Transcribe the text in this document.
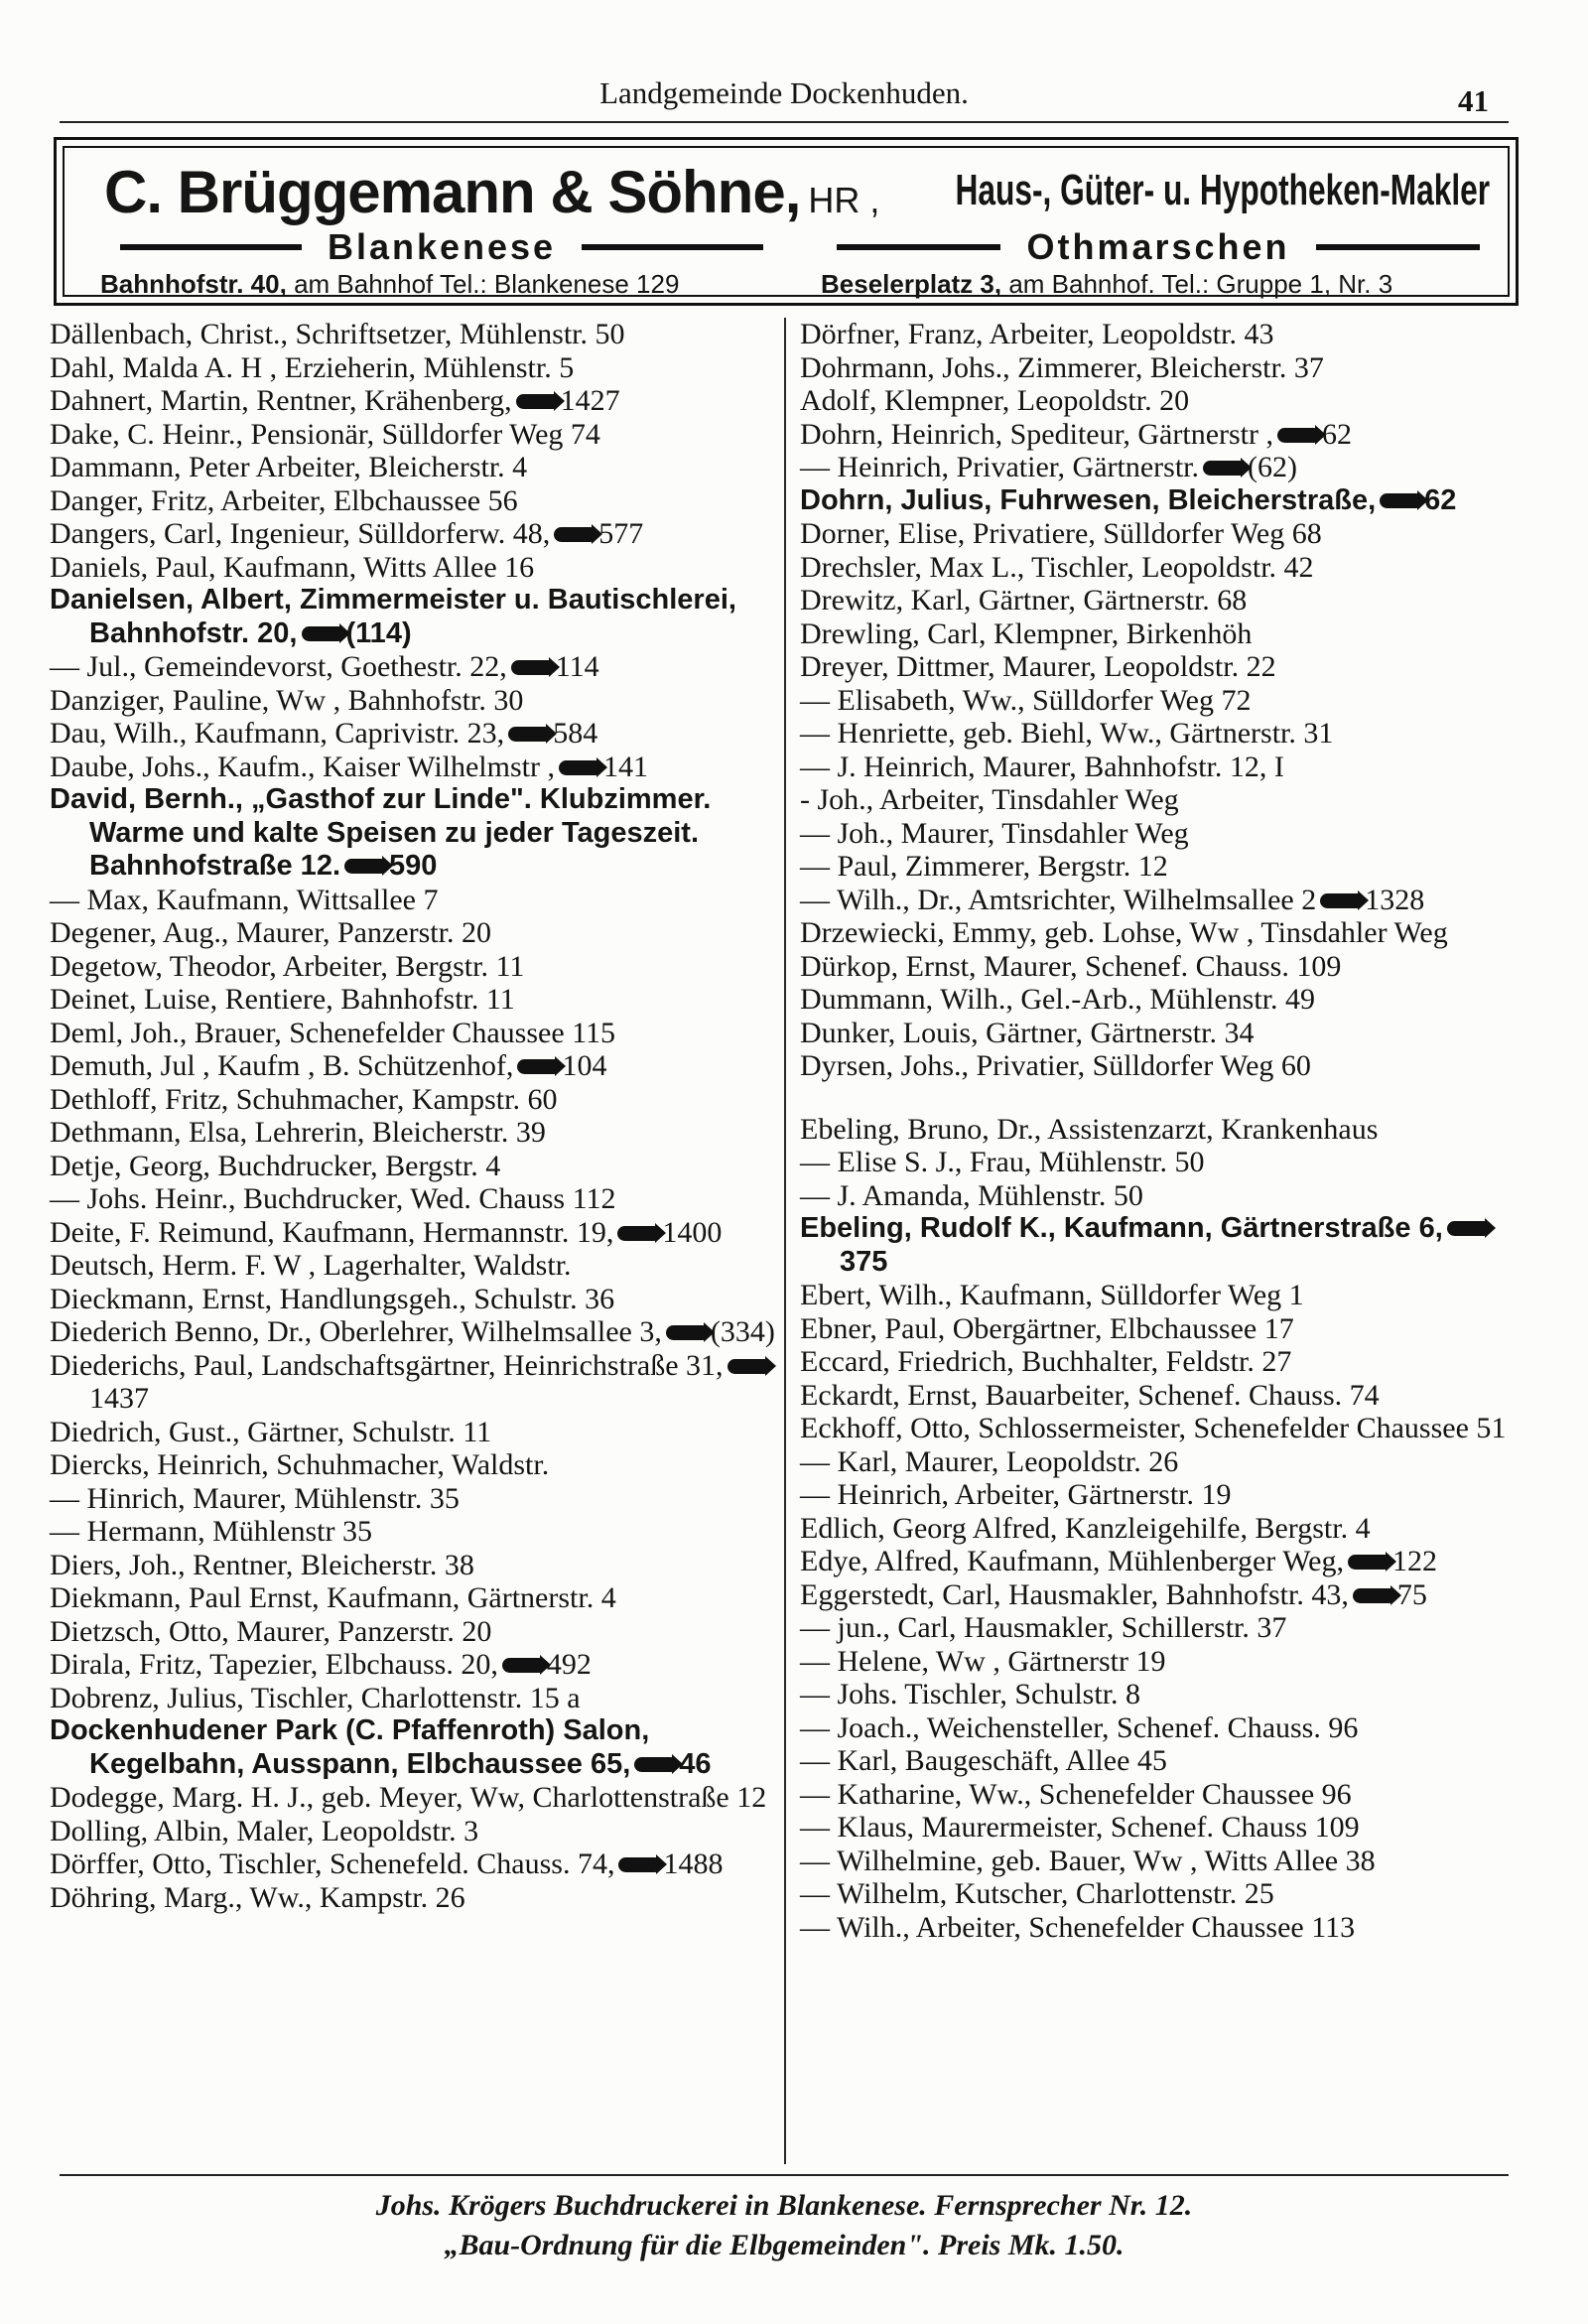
Landgemeinde Dockenhuden.	41
C. Brüggemann & Söhne, HR , Haus-, Güter- u. Hypotheken-Makler
Blankenese	Othmarschen
Bahnhofstr. 40, am Bahnhof Tel.: Blankenese 129	Beselerplatz 3, am Bahnhof. Tel.: Gruppe 1, Nr. 3
Dällenbach, Christ., Schriftsetzer, Mühlenstr. 50
Dahl, Malda A. H , Erzieherin, Mühlenstr. 5
Dahnert, Martin, Rentner, Krähenberg, 1427
Dake, C. Heinr., Pensionär, Sülldorfer Weg 74
Dammann, Peter Arbeiter, Bleicherstr. 4
Danger, Fritz, Arbeiter, Elbchaussee 56
Dangers, Carl, Ingenieur, Sülldorferw. 48, 577
Daniels, Paul, Kaufmann, Witts Allee 16
Danielsen, Albert, Zimmermeister u. Bautischlerei, Bahnhofstr. 20, (114)
— Jul., Gemeindevorst, Goethestr. 22, 114
Danziger, Pauline, Ww , Bahnhofstr. 30
Dau, Wilh., Kaufmann, Caprivistr. 23, 584
Daube, Johs., Kaufm., Kaiser Wilhelmstr , 141
David, Bernh., „Gasthof zur Linde". Klubzimmer. Warme und kalte Speisen zu jeder Tageszeit. Bahnhofstraße 12. 590
— Max, Kaufmann, Wittsallee 7
Degener, Aug., Maurer, Panzerstr. 20
Degetow, Theodor, Arbeiter, Bergstr. 11
Deinet, Luise, Rentiere, Bahnhofstr. 11
Deml, Joh., Brauer, Schenefelder Chaussee 115
Demuth, Jul , Kaufm , B. Schützenhof, 104
Dethloff, Fritz, Schuhmacher, Kampstr. 60
Dethmann, Elsa, Lehrerin, Bleicherstr. 39
Detje, Georg, Buchdrucker, Bergstr. 4
— Johs. Heinr., Buchdrucker, Wed. Chauss 112
Deite, F. Reimund, Kaufmann, Hermannstr. 19, 1400
Deutsch, Herm. F. W , Lagerhalter, Waldstr.
Dieckmann, Ernst, Handlungsgeh., Schulstr. 36
Diederich Benno, Dr., Oberlehrer, Wilhelmsallee 3, (334)
Diederichs, Paul, Landschaftsgärtner, Heinrichstraße 31,1437
Diedrich, Gust., Gärtner, Schulstr. 11
Diercks, Heinrich, Schuhmacher, Waldstr.
— Hinrich, Maurer, Mühlenstr. 35
— Hermann, Mühlenstr 35
Diers, Joh., Rentner, Bleicherstr. 38
Diekmann, Paul Ernst, Kaufmann, Gärtnerstr. 4
Dietzsch, Otto, Maurer, Panzerstr. 20
Dirala, Fritz, Tapezier, Elbchauss. 20, 492
Dobrenz, Julius, Tischler, Charlottenstr. 15 a
Dockenhudener Park (C. Pfaffenroth) Salon, Kegelbahn, Ausspann, Elbchaussee 65, 46
Dodegge, Marg. H. J., geb. Meyer, Ww, Charlottenstraße 12
Dolling, Albin, Maler, Leopoldstr. 3
Dörffer, Otto, Tischler, Schenefeld. Chauss. 74, 1488
Döhring, Marg., Ww., Kampstr. 26
Dörfner, Franz, Arbeiter, Leopoldstr. 43
Dohrmann, Johs., Zimmerer, Bleicherstr. 37
Adolf, Klempner, Leopoldstr. 20
Dohrn, Heinrich, Spediteur, Gärtnerstr , 62
— Heinrich, Privatier, Gärtnerstr. (62)
Dohrn, Julius, Fuhrwesen, Bleicherstraße, 62
Dorner, Elise, Privatiere, Sülldorfer Weg 68
Drechsler, Max L., Tischler, Leopoldstr. 42
Drewitz, Karl, Gärtner, Gärtnerstr. 68
Drewling, Carl, Klempner, Birkenhöh
Dreyer, Dittmer, Maurer, Leopoldstr. 22
— Elisabeth, Ww., Sülldorfer Weg 72
— Henriette, geb. Biehl, Ww., Gärtnerstr. 31
— J. Heinrich, Maurer, Bahnhofstr. 12, I
- Joh., Arbeiter, Tinsdahler Weg
— Joh., Maurer, Tinsdahler Weg
— Paul, Zimmerer, Bergstr. 12
— Wilh., Dr., Amtsrichter, Wilhelmsallee 2 1328
Drzewiecki, Emmy, geb. Lohse, Ww , Tinsdahler Weg
Dürkop, Ernst, Maurer, Schenef. Chauss. 109
Dummann, Wilh., Gel.-Arb., Mühlenstr. 49
Dunker, Louis, Gärtner, Gärtnerstr. 34
Dyrsen, Johs., Privatier, Sülldorfer Weg 60
Ebeling, Bruno, Dr., Assistenzarzt, Krankenhaus
— Elise S. J., Frau, Mühlenstr. 50
— J. Amanda, Mühlenstr. 50
Ebeling, Rudolf K., Kaufmann, Gärtnerstraße 6,375
Ebert, Wilh., Kaufmann, Sülldorfer Weg 1
Ebner, Paul, Obergärtner, Elbchaussee 17
Eccard, Friedrich, Buchhalter, Feldstr. 27
Eckardt, Ernst, Bauarbeiter, Schenef. Chauss. 74
Eckhoff, Otto, Schlossermeister, Schenefelder Chaussee 51
— Karl, Maurer, Leopoldstr. 26
— Heinrich, Arbeiter, Gärtnerstr. 19
Edlich, Georg Alfred, Kanzleigehilfe, Bergstr. 4
Edye, Alfred, Kaufmann, Mühlenberger Weg, 122
Eggerstedt, Carl, Hausmakler, Bahnhofstr. 43, 75
— jun., Carl, Hausmakler, Schillerstr. 37
— Helene, Ww , Gärtnerstr 19
— Johs. Tischler, Schulstr. 8
— Joach., Weichensteller, Schenef. Chauss. 96
— Karl, Baugeschäft, Allee 45
— Katharine, Ww., Schenefelder Chaussee 96
— Klaus, Maurermeister, Schenef. Chauss 109
— Wilhelmine, geb. Bauer, Ww , Witts Allee 38
— Wilhelm, Kutscher, Charlottenstr. 25
— Wilh., Arbeiter, Schenefelder Chaussee 113
Johs. Krögers Buchdruckerei in Blankenese. Fernsprecher Nr. 12.
„Bau-Ordnung für die Elbgemeinden". Preis Mk. 1.50.
